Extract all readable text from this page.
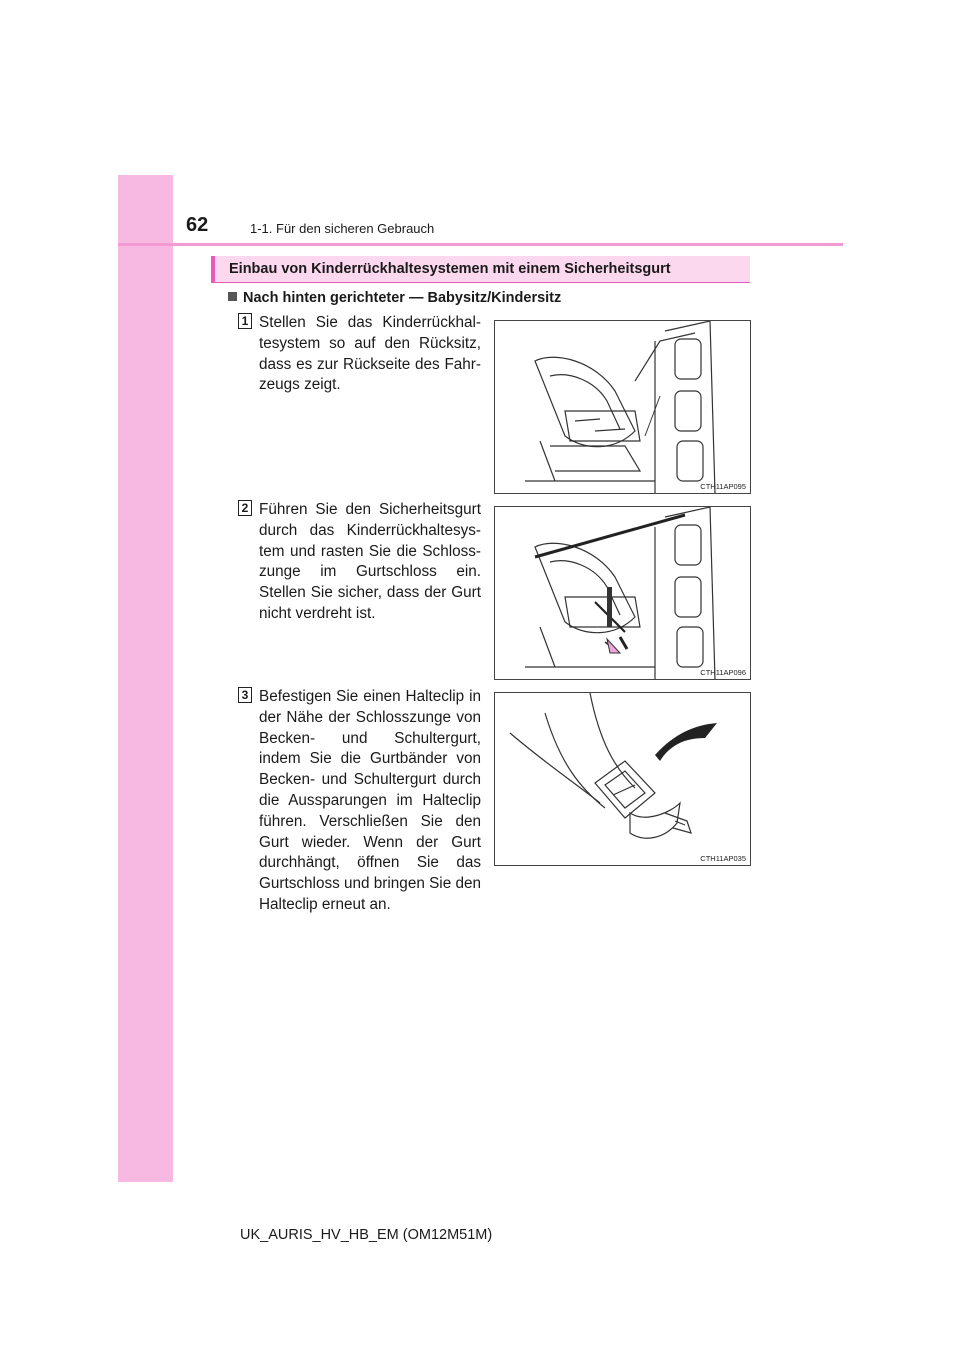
62	1-1. Für den sicheren Gebrauch
Einbau von Kinderrückhaltesystemen mit einem Sicherheitsgurt
Nach hinten gerichteter — Babysitz/Kindersitz
1 Stellen Sie das Kinderrückhal-tesystem so auf den Rücksitz, dass es zur Rückseite des Fahr-zeugs zeigt.

CTH11AP095
2 Führen Sie den Sicherheitsgurt durch das Kinderrückhaltesys-tem und rasten Sie die Schloss-zunge im Gurtschloss ein. Stellen Sie sicher, dass der Gurt nicht verdreht ist.

CTH11AP096
3 Befestigen Sie einen Halteclip in der Nähe der Schlosszunge von Becken- und Schultergurt, indem Sie die Gurtbänder von Becken- und Schultergurt durch die Aussparungen im Halteclip führen. Verschließen Sie den Gurt wieder. Wenn der Gurt durchhängt, öffnen Sie das Gurtschloss und bringen Sie den Halteclip erneut an.

CTH11AP035
UK_AURIS_HV_HB_EM (OM12M51M)
